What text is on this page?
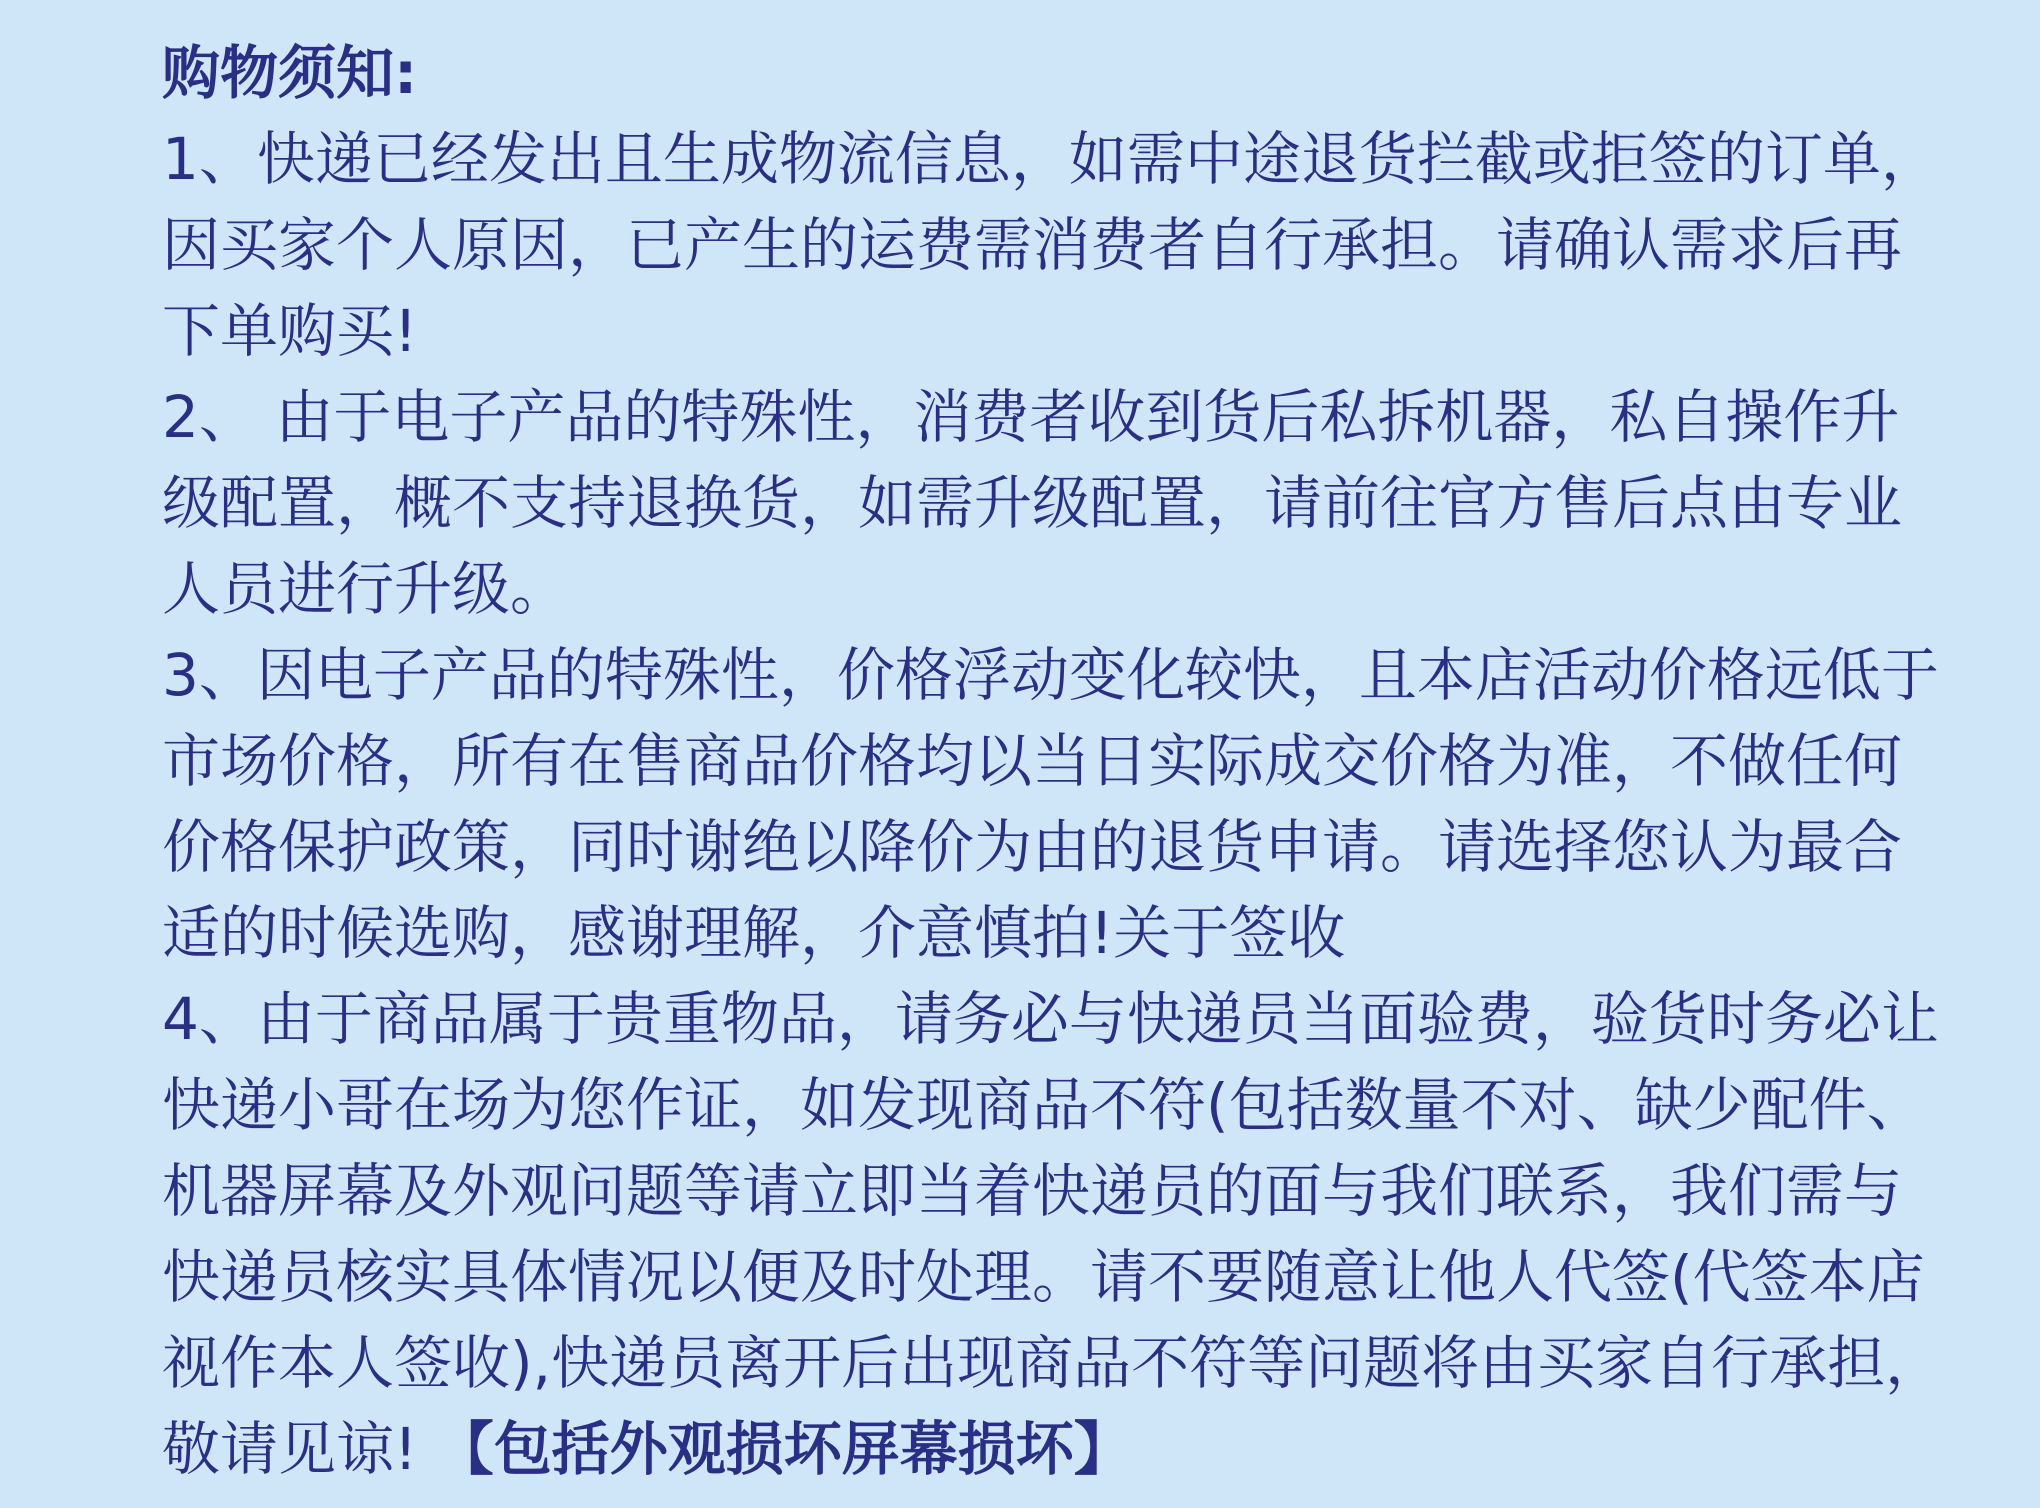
购物须知:
1、快递已经发出且生成物流信息，如需中途退货拦截或拒签的订单，
因买家个人原因，已产生的运费需消费者自行承担。请确认需求后再
下单购买!
2、 由于电子产品的特殊性，消费者收到货后私拆机器，私自操作升
级配置，概不支持退换货，如需升级配置，请前往官方售后点由专业
人员进行升级。
3、因电子产品的特殊性，价格浮动变化较快，且本店活动价格远低于
市场价格，所有在售商品价格均以当日实际成交价格为准，不做任何
价格保护政策，同时谢绝以降价为由的退货申请。请选择您认为最合
适的时候选购，感谢理解，介意慎拍!关于签收
4、由于商品属于贵重物品，请务必与快递员当面验费，验货时务必让
快递小哥在场为您作证，如发现商品不符(包括数量不对、缺少配件、
机器屏幕及外观问题等请立即当着快递员的面与我们联系，我们需与
快递员核实具体情况以便及时处理。请不要随意让他人代签(代签本店
视作本人签收),快递员离开后出现商品不符等问题将由买家自行承担，
敬请见谅! 【包括外观损坏屏幕损坏】
